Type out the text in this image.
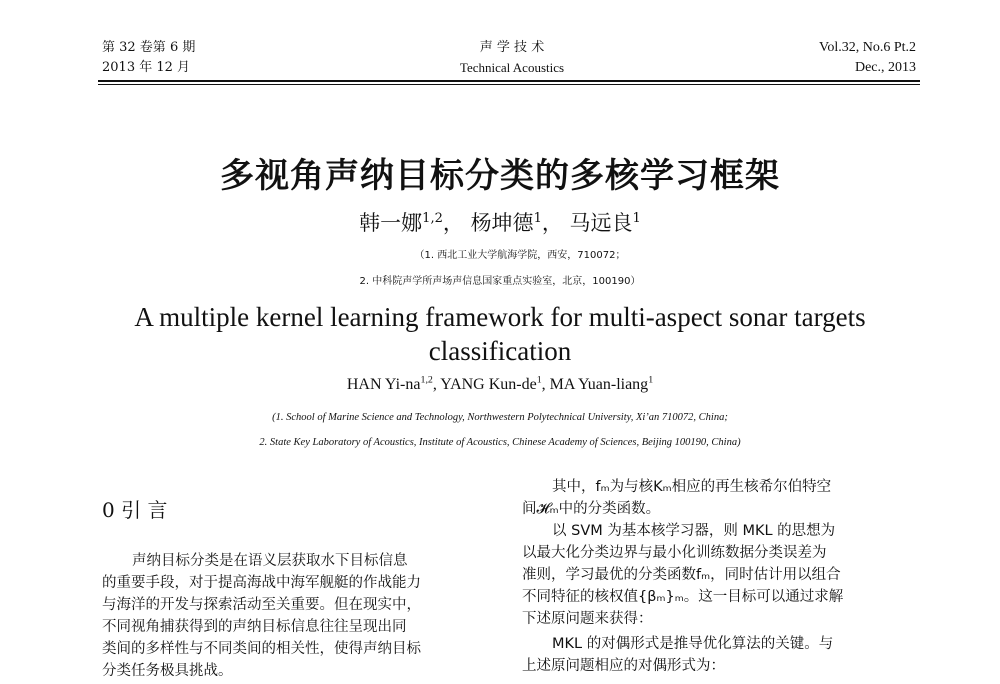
第 32 卷第 6 期
2013 年 12 月
声 学 技 术
Technical Acoustics
Vol.32, No.6 Pt.2
Dec., 2013
多视角声纳目标分类的多核学习框架
韩一娜$^{1,2}$， 杨坤德$^1$， 马远良$^1$
（1. 西北工业大学航海学院，西安，710072；
2. 中科院声学所声场声信息国家重点实验室，北京，100190）
A multiple kernel learning framework for multi-aspect sonar targets
classification
HAN Yi-na$^{1,2}$, YANG Kun-$de^1$, MA Yuan-liang$^1$
(1. School of Marine Science and Technology, Northwestern Polytechnical University, Xi’an 710072, China;
2. State Key Laboratory of Acoustics, Institute of Acoustics, Chinese Academy of Sciences, Beijing 100190, China)
0 引 言
声纳目标分类是在语义层获取水下目标信息
的重要手段，对于提高海战中海军舰艇的作战能力
与海洋的开发与探索活动至关重要。但在现实中，
不同视角捕获得到的声纳目标信息往往呈现出同
类间的多样性与不同类间的相关性，使得声纳目标
分类任务极具挑战。
其中，fₘ为与核Kₘ相应的再生核希尔伯特空
间𝓗ₘ中的分类函数。
以 SVM 为基本核学习器，则 MKL 的思想为
以最大化分类边界与最小化训练数据分类误差为
准则，学习最优的分类函数fₘ，同时估计用以组合
不同特征的核权值{βₘ}ₘ。这一目标可以通过求解
下述原问题来获得：
MKL 的对偶形式是推导优化算法的关键。与
上述原问题相应的对偶形式为：
